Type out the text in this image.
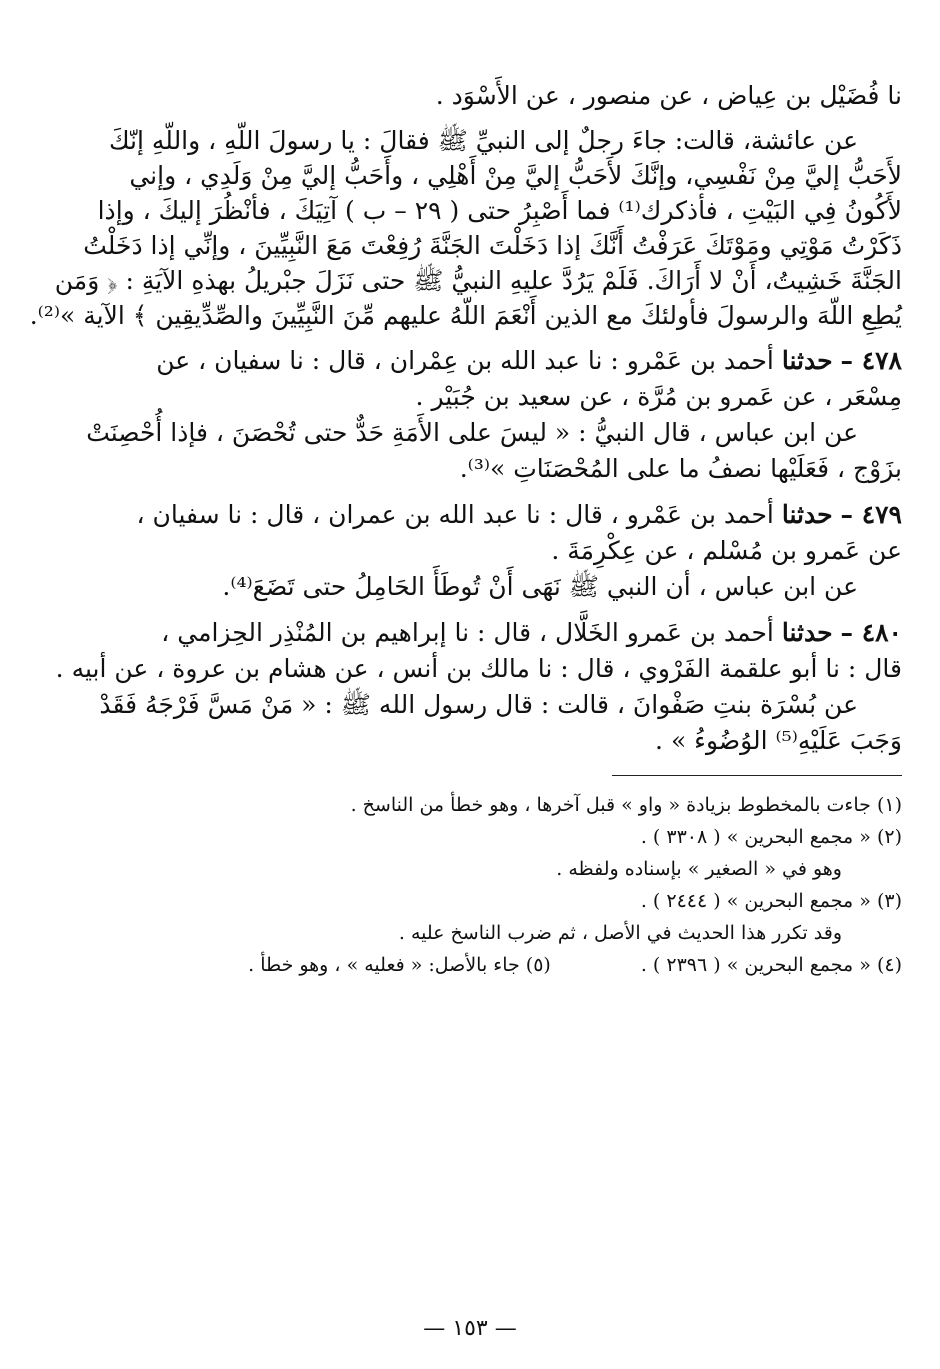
نا فُضَيْل بن عِياض ، عن منصور ، عن الأَسْوَد .

عن عائشة، قالت: جاءَ رجلٌ إلى النبيِّ ﷺ فقالَ : يا رسولَ اللّهِ ، واللّهِ إنّكَ

لأَحَبُّ إليَّ مِنْ نَفْسِي، وإنَّكَ لأَحَبُّ إليَّ مِنْ أَهْلِي ، وأَحَبُّ إليَّ مِنْ وَلَدِي ، وإني

لأَكُونُ فِي البَيْتِ ، فأذكرك⁽¹⁾ فما أَصْبِرُ حتى ( ٢٩ – ب ) آتِيَكَ ، فأنْظُرَ إليكَ ، وإذا

ذَكَرْتُ مَوْتِي ومَوْتَكَ عَرَفْتُ أَنَّكَ إذا دَخَلْتَ الجَنَّةَ رُفِعْتَ مَعَ النَّبِيِّينَ ، وإنِّي إذا دَخَلْتُ

الجَنَّةَ خَشِيتُ، أَنْ لا أَرَاكَ. فَلَمْ يَرُدَّ عليهِ النبيُّ ﷺ حتى نَزَلَ جبْريلُ بهذهِ الآيَةِ : ﴿ وَمَن

يُطِعِ اللّهَ والرسولَ فأولئكَ مع الذين أَنْعَمَ اللّهُ عليهم مِّنَ النَّبِيِّينَ والصِّدِّيقِين ﴾ الآية »⁽²⁾.

٤٧٨ – حدثنا أحمد بن عَمْرو : نا عبد الله بن عِمْران ، قال : نا سفيان ، عن

مِسْعَر ، عن عَمرو بن مُرَّة ، عن سعيد بن جُبَيْر .

عن ابن عباس ، قال النبيُّ : « ليسَ على الأَمَةِ حَدٌّ حتى تُحْصَنَ ، فإذا أُحْصِنَتْ

بزَوْج ، فَعَلَيْها نصفُ ما على المُحْصَنَاتِ »⁽³⁾.

٤٧٩ – حدثنا أحمد بن عَمْرو ، قال : نا عبد الله بن عمران ، قال : نا سفيان ،

عن عَمرو بن مُسْلم ، عن عِكْرِمَةَ .

عن ابن عباس ، أن النبي ﷺ نَهَى أَنْ تُوطَأَ الحَامِلُ حتى تَضَعَ⁽⁴⁾.

٤٨٠ – حدثنا أحمد بن عَمرو الخَلَّال ، قال : نا إبراهيم بن المُنْذِر الحِزامي ،

قال : نا أبو علقمة الفَرْوي ، قال : نا مالك بن أنس ، عن هشام بن عروة ، عن أبيه .

عن بُسْرَة بنتِ صَفْوانَ ، قالت : قال رسول الله ﷺ : « مَنْ مَسَّ فَرْجَهُ فَقَدْ

وَجَبَ عَلَيْهِ⁽⁵⁾ الوُضُوءُ » .

(١) جاءت بالمخطوط بزيادة « واو » قبل آخرها ، وهو خطأ من الناسخ .

(٢) « مجمع البحرين » ( ٣٣٠٨ ) .

وهو في « الصغير » بإسناده ولفظه .

(٣) « مجمع البحرين » ( ٢٤٤٤ ) .

وقد تكرر هذا الحديث في الأصل ، ثم ضرب الناسخ عليه .

(٤) « مجمع البحرين » ( ٢٣٩٦ ) .
(٥) جاء بالأصل: « فعليه » ، وهو خطأ .
— ١٥٣ —
